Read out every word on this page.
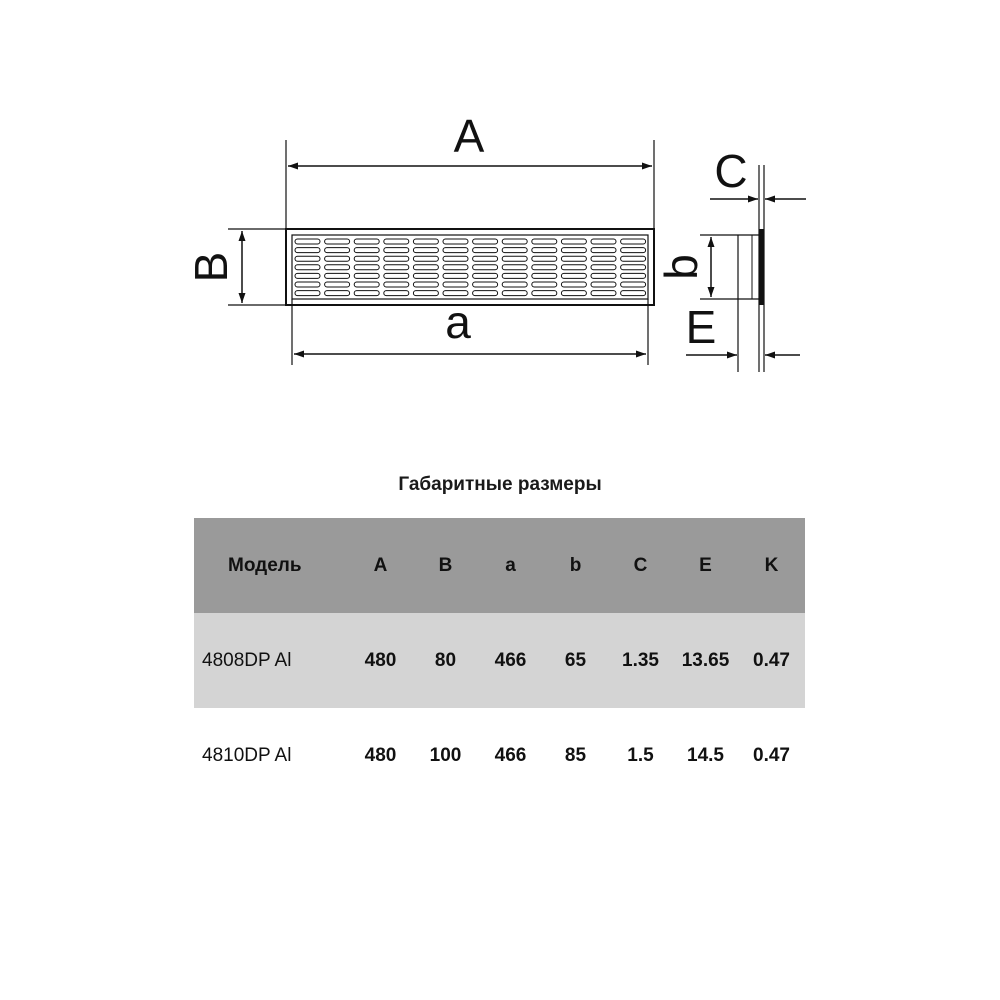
A
B
a
C
b
E
Габаритные размеры
Модель	A	B	a	b	C	E	K
4808DP Al	480	80	466	65	1.35	13.65	0.47
4810DP Al	480	100	466	85	1.5	14.5	0.47
